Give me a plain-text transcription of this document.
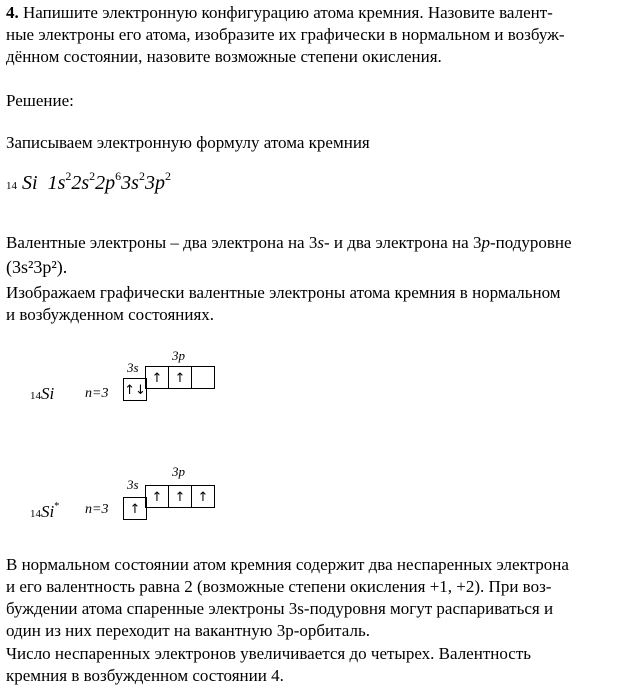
4. Напишите электронную конфигурацию атома кремния. Назовите валент-
ные электроны его атома, изобразите их графически в нормальном и возбуж-
дённом состоянии, назовите возможные степени окисления.
Решение:
Записываем электронную формулу атома кремния
14 Si $1s^22s^22p^63s^23p^2$
Валентные электроны – два электрона на 3s- и два электрона на 3p-подуровне
(3s²3p²).
Изображаем графически валентные электроны атома кремния в нормальном
и возбужденном состояниях.
14Si n=3
3s
3p
↑↓
↑ ↑
14Si* n=3
3s
3p
↑
↑ ↑ ↑
В нормальном состоянии атом кремния содержит два неспаренных электрона
и его валентность равна 2 (возможные степени окисления +1, +2). При воз-
буждении атома спаренные электроны 3s-подуровня могут распариваться и
один из них переходит на вакантную 3p-орбиталь.
Число неспаренных электронов увеличивается до четырех. Валентность
кремния в возбужденном состоянии 4.
